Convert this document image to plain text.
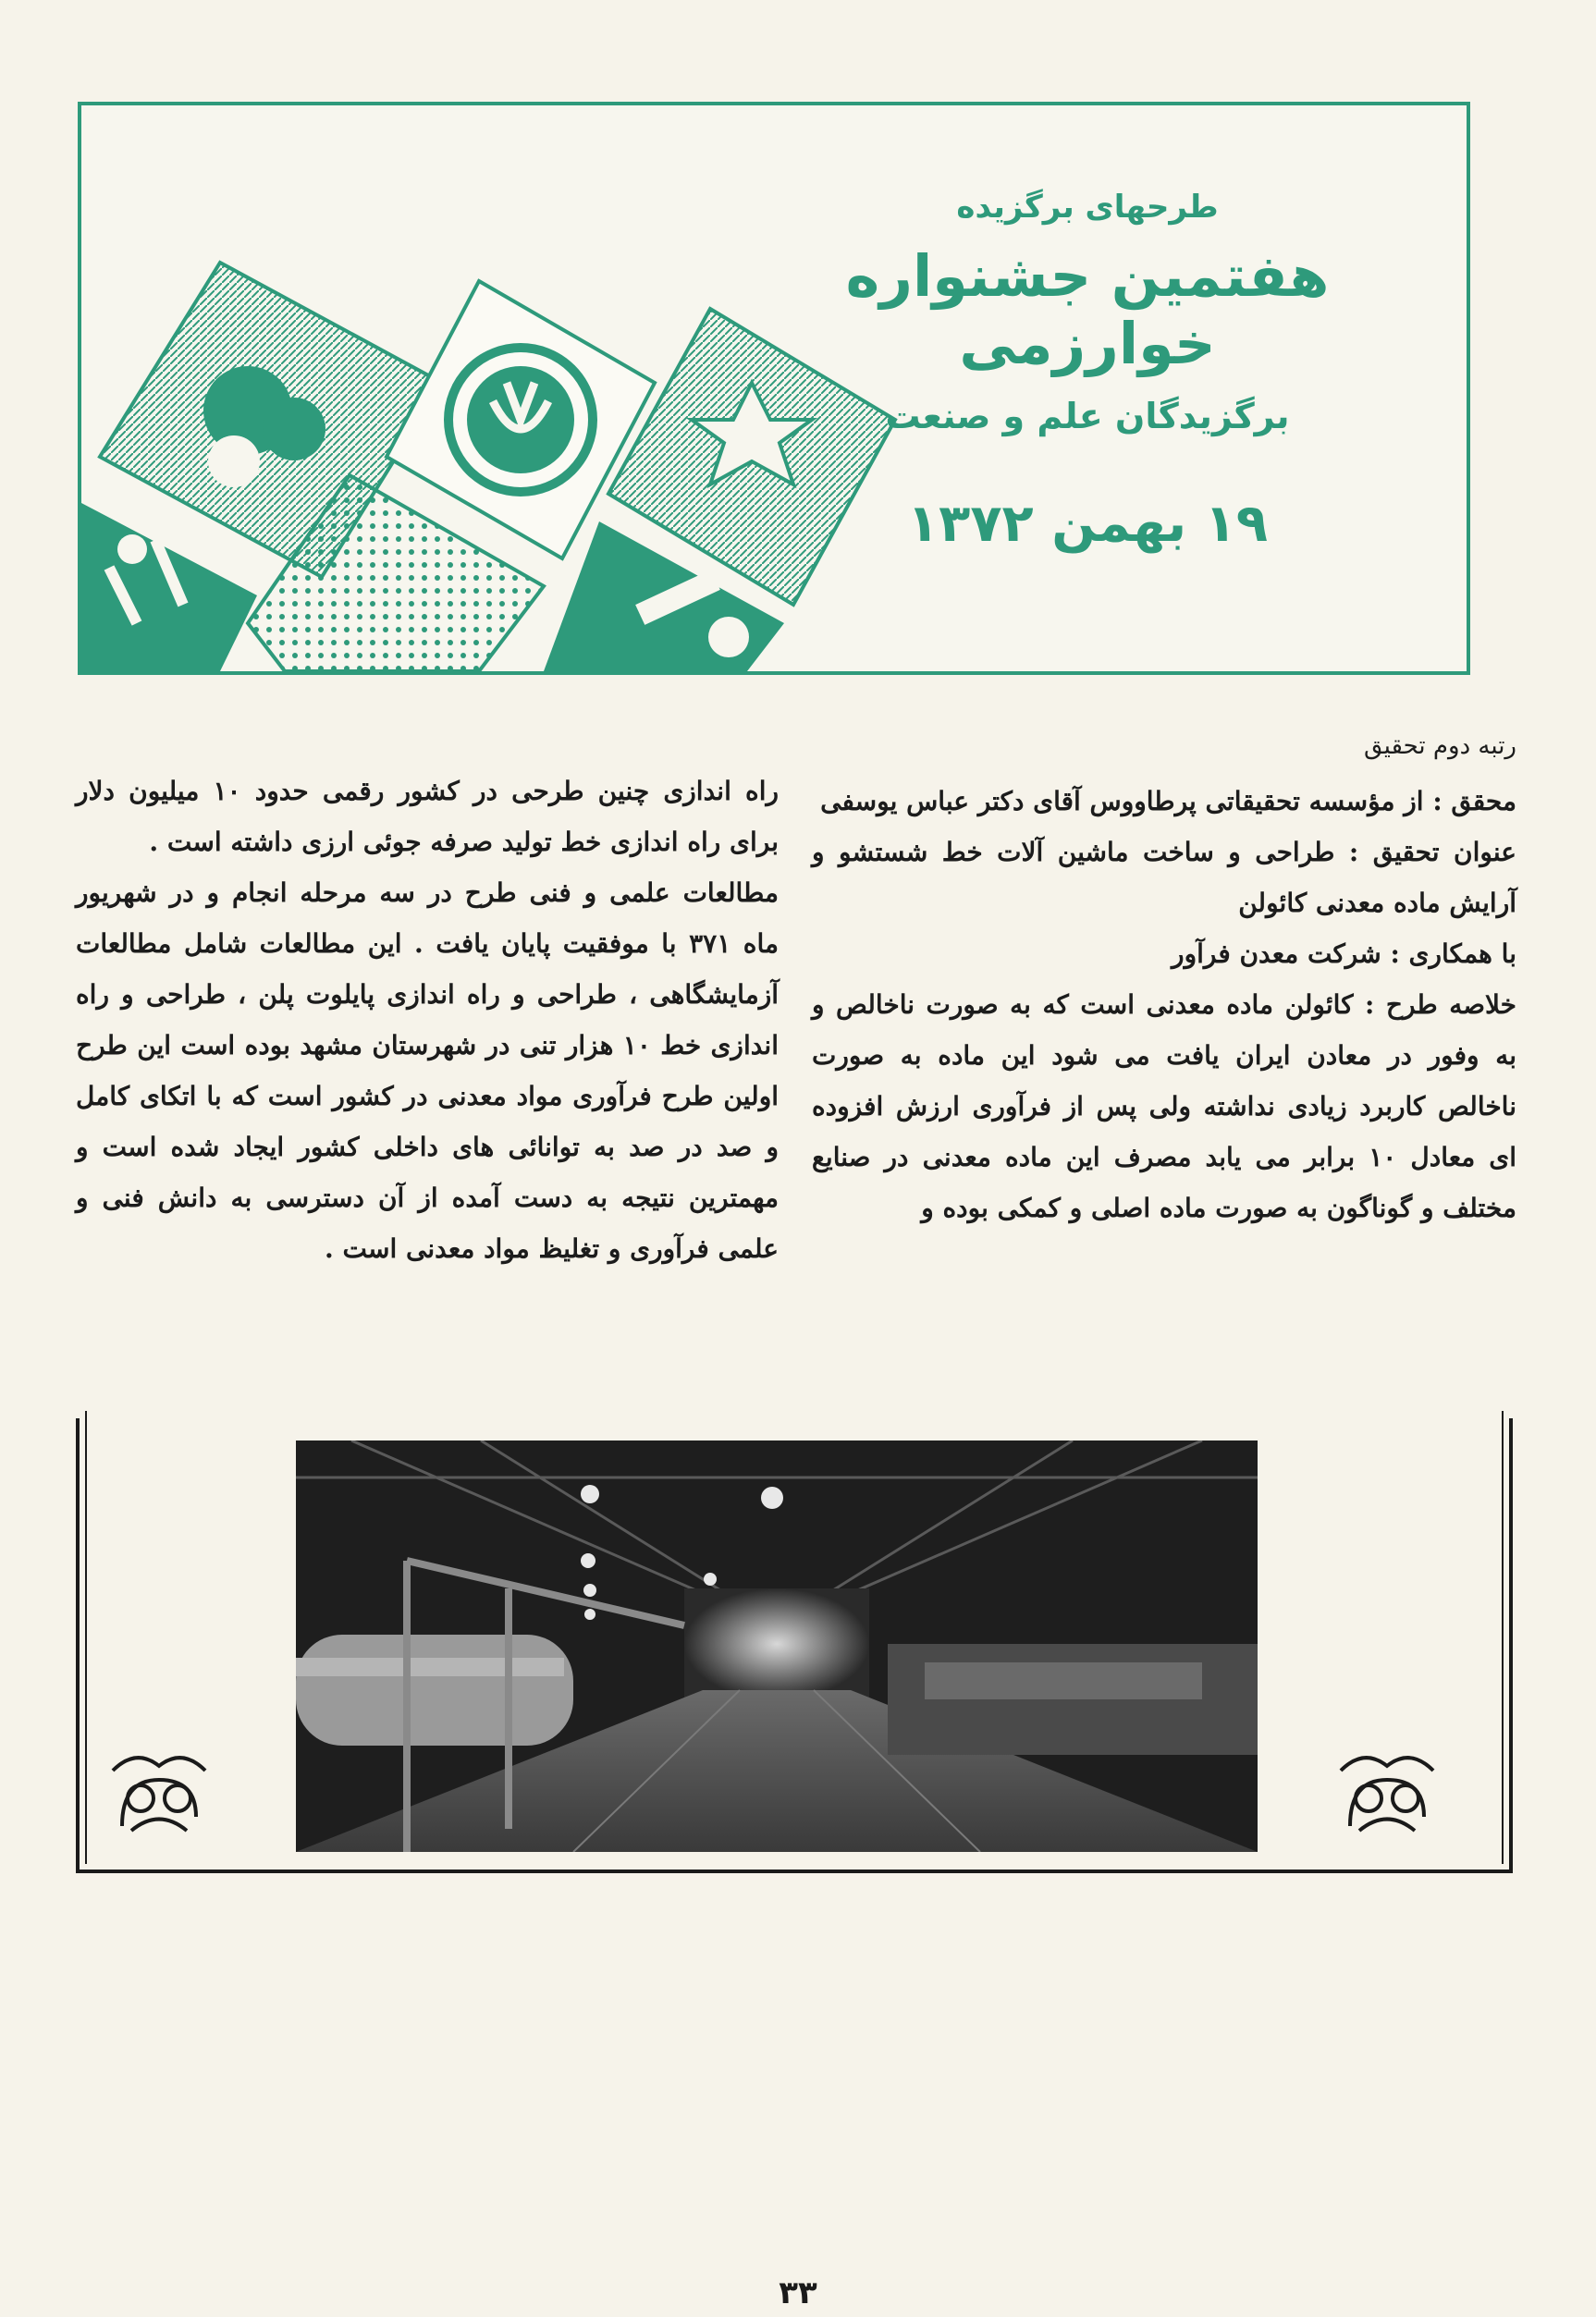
طرحهای برگزیده
هفتمین جشنواره خوارزمی
برگزیدگان علم و صنعت
۱۹ بهمن ۱۳۷۲

رتبه دوم تحقیق

محقق : از مؤسسه تحقیقاتی پرطاووس آقای دکتر عباس یوسفی

عنوان تحقیق : طراحی و ساخت ماشین آلات خط شستشو و آرایش ماده معدنی کائولن

با همکاری : شرکت معدن فرآور

خلاصه طرح : کائولن ماده معدنی است که به صورت ناخالص و به وفور در معادن ایران یافت می شود این ماده به صورت ناخالص کاربرد زیادی نداشته ولی پس از فرآوری ارزش افزوده ای معادل ۱۰ برابر می یابد مصرف این ماده معدنی در صنایع مختلف و گوناگون به صورت ماده اصلی و کمکی بوده و

راه اندازی چنین طرحی در کشور رقمی حدود ۱۰ میلیون دلار برای راه اندازی خط تولید صرفه جوئی ارزی داشته است .

مطالعات علمی و فنی طرح در سه مرحله انجام و در شهریور ماه ۳۷۱ با موفقیت پایان یافت . این مطالعات شامل مطالعات آزمایشگاهی ، طراحی و راه اندازی پایلوت پلن ، طراحی و راه اندازی خط ۱۰ هزار تنی در شهرستان مشهد بوده است این طرح اولین طرح فرآوری مواد معدنی در کشور است که با اتکای کامل و صد در صد به توانائی های داخلی کشور ایجاد شده است و مهمترین نتیجه به دست آمده از آن دسترسی به دانش فنی و علمی فرآوری و تغلیظ مواد معدنی است .

۳۳
